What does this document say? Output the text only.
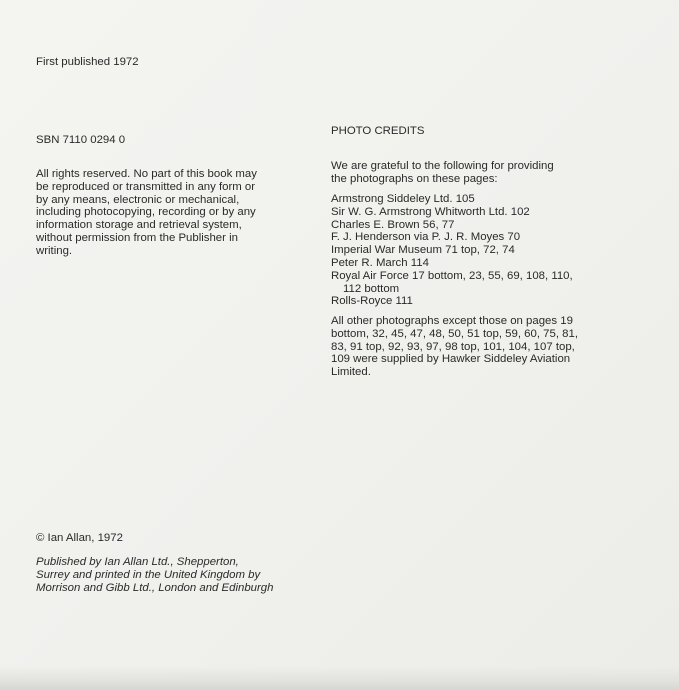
First published 1972

SBN 7110 0294 0

All rights reserved. No part of this book may

be reproduced or transmitted in any form or

by any means, electronic or mechanical,

including photocopying, recording or by any

information storage and retrieval system,

without permission from the Publisher in

writing.

© Ian Allan, 1972

Published by Ian Allan Ltd., Shepperton,

Surrey and printed in the United Kingdom by

Morrison and Gibb Ltd., London and Edinburgh

PHOTO CREDITS

We are grateful to the following for providing

the photographs on these pages:

Armstrong Siddeley Ltd. 105

Sir W. G. Armstrong Whitworth Ltd. 102

Charles E. Brown 56, 77

F. J. Henderson via P. J. R. Moyes 70

Imperial War Museum 71 top, 72, 74

Peter R. March 114

Royal Air Force 17 bottom, 23, 55, 69, 108, 110,

112 bottom

Rolls-Royce 111

All other photographs except those on pages 19

bottom, 32, 45, 47, 48, 50, 51 top, 59, 60, 75, 81,

83, 91 top, 92, 93, 97, 98 top, 101, 104, 107 top,

109 were supplied by Hawker Siddeley Aviation

Limited.
